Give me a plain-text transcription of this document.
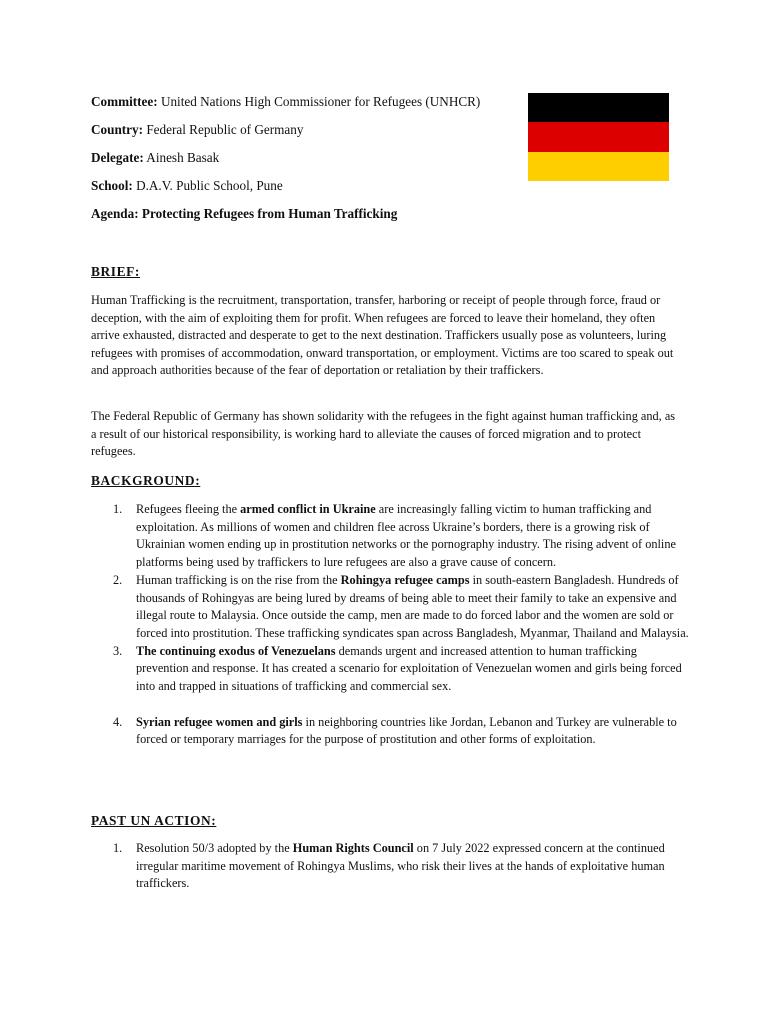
Committee: United Nations High Commissioner for Refugees (UNHCR)
Country: Federal Republic of Germany
Delegate: Ainesh Basak
School: D.A.V. Public School, Pune
Agenda: Protecting Refugees from Human Trafficking
BRIEF:

Human Trafficking is the recruitment, transportation, transfer, harboring or receipt of people through force, fraud or deception, with the aim of exploiting them for profit. When refugees are forced to leave their homeland, they often arrive exhausted, distracted and desperate to get to the next destination. Traffickers usually pose as volunteers, luring refugees with promises of accommodation, onward transportation, or employment. Victims are too scared to speak out and approach authorities because of the fear of deportation or retaliation by their traffickers.

The Federal Republic of Germany has shown solidarity with the refugees in the fight against human trafficking and, as a result of our historical responsibility, is working hard to alleviate the causes of forced migration and to protect refugees.

BACKGROUND:
1. Refugees fleeing the armed conflict in Ukraine are increasingly falling victim to human trafficking and exploitation. As millions of women and children flee across Ukraine’s borders, there is a growing risk of Ukrainian women ending up in prostitution networks or the pornography industry. The rising advent of online platforms being used by traffickers to lure refugees are also a grave cause of concern.
2. Human trafficking is on the rise from the Rohingya refugee camps in south-eastern Bangladesh. Hundreds of thousands of Rohingyas are being lured by dreams of being able to meet their family to take an expensive and illegal route to Malaysia. Once outside the camp, men are made to do forced labor and the women are sold or forced into prostitution. These trafficking syndicates span across Bangladesh, Myanmar, Thailand and Malaysia.
3. The continuing exodus of Venezuelans demands urgent and increased attention to human trafficking prevention and response. It has created a scenario for exploitation of Venezuelan women and girls being forced into and trapped in situations of trafficking and commercial sex.
4. Syrian refugee women and girls in neighboring countries like Jordan, Lebanon and Turkey are vulnerable to forced or temporary marriages for the purpose of prostitution and other forms of exploitation.
PAST UN ACTION:
1. Resolution 50/3 adopted by the Human Rights Council on 7 July 2022 expressed concern at the continued irregular maritime movement of Rohingya Muslims, who risk their lives at the hands of exploitative human traffickers.
